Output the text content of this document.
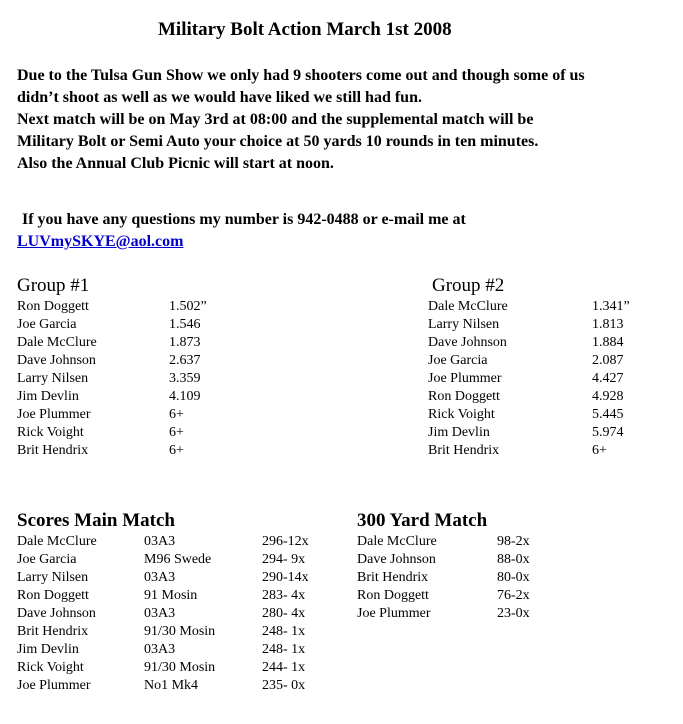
Military Bolt Action March 1st 2008
Due to the Tulsa Gun Show we only had 9 shooters come out and though some of us
didn’t shoot as well as we would have liked we still had fun.
Next match will be on May 3rd at 08:00 and the supplemental match will be
Military Bolt or Semi Auto your choice at 50 yards 10 rounds in ten minutes.
Also the Annual Club Picnic will start at noon.
If you have any questions my number is 942-0488 or e-mail me at
LUVmySKYE@aol.com
Group #1
Ron Doggett	1.502”
Joe Garcia	1.546
Dale McClure	1.873
Dave Johnson	2.637
Larry Nilsen	3.359
Jim Devlin	4.109
Joe Plummer	6+
Rick Voight	6+
Brit Hendrix	6+
Group #2
Dale McClure	1.341”
Larry Nilsen	1.813
Dave Johnson	1.884
Joe Garcia	2.087
Joe Plummer	4.427
Ron Doggett	4.928
Rick Voight	5.445
Jim Devlin	5.974
Brit Hendrix	6+
Scores Main Match
Dale McClure	03A3	296-12x
Joe Garcia	M96 Swede	294- 9x
Larry Nilsen	03A3	290-14x
Ron Doggett	91 Mosin	283- 4x
Dave Johnson	03A3	280- 4x
Brit Hendrix	91/30 Mosin	248- 1x
Jim Devlin	03A3	248- 1x
Rick Voight	91/30 Mosin	244- 1x
Joe Plummer	No1 Mk4	235- 0x
300 Yard Match
Dale McClure	98-2x
Dave Johnson	88-0x
Brit Hendrix	80-0x
Ron Doggett	76-2x
Joe Plummer	23-0x
